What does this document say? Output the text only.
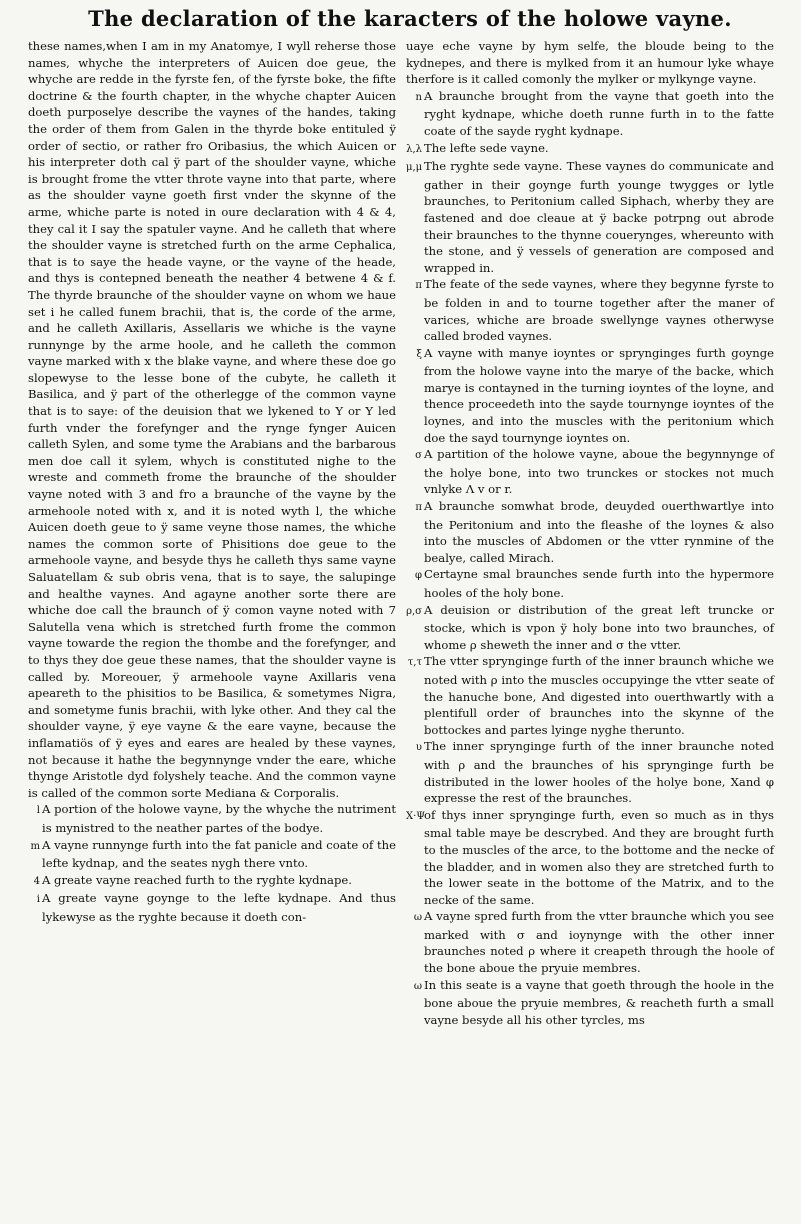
The declaration of the karacters of the holowe vayne.

these names,when I am in my Anatomye, I wyll reherse those names, whyche the interpreters of Auicen doe geue, the whyche are redde in the fyrste fen, of the fyrste boke, the fifte doctrine & the fourth chapter, in the whyche chapter Auicen doeth purposelye describe the vaynes of the handes, taking the order of them from Galen in the thyrde boke entituled ÿ order of sectio, or rather fro Oribasius, the which Auicen or his interpreter doth cal ÿ part of the shoulder vayne, whiche is brought frome the vtter throte vayne into that parte, where as the shoulder vayne goeth first vnder the skynne of the arme, whiche parte is noted in oure declaration with 4 & 4, they cal it I say the spatuler vayne. And he calleth that where the shoulder vayne is stretched furth on the arme Cephalica, that is to saye the heade vayne, or the vayne of the heade, and thys is contepned beneath the neather 4 betwene 4 & f. The thyrde braunche of the shoulder vayne on whom we haue set i he called funem brachii, that is, the corde of the arme, and he calleth Axillaris, Assellaris we whiche is the vayne runnynge by the arme hoole, and he calleth the common vayne marked with x the blake vayne, and where these doe go slopewyse to the lesse bone of the cubyte, he calleth it Basilica, and ÿ part of the otherlegge of the common vayne that is to saye: of the deuision that we lykened to Y or Y led furth vnder the forefynger and the rynge fynger Auicen calleth Sylen, and some tyme the Arabians and the barbarous men doe call it sylem, whych is constituted nighe to the wreste and commeth frome the braunche of the shoulder vayne noted with 3 and fro a braunche of the vayne by the armehoole noted with x, and it is noted wyth l, the whiche Auicen doeth geue to ÿ same veyne those names, the whiche names the common sorte of Phisitions doe geue to the armehoole vayne, and besyde thys he calleth thys same vayne Saluatellam & sub obris vena, that is to saye, the salupinge and healthe vaynes. And agayne another sorte there are whiche doe call the braunch of ÿ comon vayne noted with 7 Salutella vena which is stretched furth frome the common vayne towarde the region the thombe and the forefynger, and to thys they doe geue these names, that the shoulder vayne is called by. Moreouer, ÿ armehoole vayne Axillaris vena apeareth to the phisitios to be Basilica, & sometymes Nigra, and sometyme funis brachii, with lyke other. And they cal the shoulder vayne, ÿ eye vayne & the eare vayne, because the inflamatiös of ÿ eyes and eares are healed by these vaynes, not because it hathe the begynnynge vnder the eare, whiche thynge Aristotle dyd folyshely teache. And the common vayne is called of the common sorte Mediana & Corporalis.

l A portion of the holowe vayne, by the whyche the nutriment is mynistred to the neather partes of the bodye.

m A vayne runnynge furth into the fat panicle and coate of the lefte kydnap, and the seates nygh there vnto.

4 A greate vayne reached furth to the ryghte kydnape.

i A greate vayne goynge to the lefte kydnape. And thus lykewyse as the ryghte because it doeth con-

uaye eche vayne by hym selfe, the bloude being to the kydnepes, and there is mylked from it an humour lyke whaye therfore is it called comonly the mylker or mylkynge vayne.

n A braunche brought from the vayne that goeth into the ryght kydnape, whiche doeth runne furth in to the fatte coate of the sayde ryght kydnape.

λ,λ The lefte sede vayne.

μ,μ The ryghte sede vayne. These vaynes do communicate and gather in their goynge furth younge twygges or lytle braunches, to Peritonium called Siphach, wherby they are fastened and doe cleaue at ÿ backe potrpng out abrode their braunches to the thynne couerynges, whereunto with the stone, and ÿ vessels of generation are composed and wrapped in.

π The feate of the sede vaynes, where they begynne fyrste to be folden in and to tourne together after the maner of varices, whiche are broade swellynge vaynes otherwyse called broded vaynes.

ξ A vayne with manye ioyntes or sprynginges furth goynge from the holowe vayne into the marye of the backe, which marye is contayned in the turning ioyntes of the loyne, and thence proceedeth into the sayde tournynge ioyntes of the loynes, and into the muscles with the peritonium which doe the sayd tournynge ioyntes on.

σ A partition of the holowe vayne, aboue the begynnynge of the holye bone, into two trunckes or stockes not much vnlyke Λ v or r.

π A braunche somwhat brode, deuyded ouerthwartlye into the Peritonium and into the fleashe of the loynes & also into the muscles of Abdomen or the vtter rynmine of the bealye, called Mirach.

φ Certayne smal braunches sende furth into the hypermore hooles of the holy bone.

ρ,σ A deuision or distribution of the great left truncke or stocke, which is vpon ÿ holy bone into two braunches, of whome ρ sheweth the inner and σ the vtter.

τ,τ The vtter sprynginge furth of the inner braunch whiche we noted with ρ into the muscles occupyinge the vtter seate of the hanuche bone, And digested into ouerthwartly with a plentifull order of braunches into the skynne of the bottockes and partes lyinge nyghe therunto.

υ The inner sprynginge furth of the inner braunche noted with ρ and the braunches of his sprynginge furth be distributed in the lower hooles of the holye bone, Xand φ expresse the rest of the braunches.

X·Ψof thys inner sprynginge furth, even so much as in thys smal table maye be descrybed. And they are brought furth to the muscles of the arce, to the bottome and the necke of the bladder, and in women also they are stretched furth to the lower seate in the bottome of the Matrix, and to the necke of the same.

ω A vayne spred furth from the vtter braunche which you see marked with σ and ioynynge with the other inner braunches noted ρ where it creapeth through the hoole of the bone aboue the pryuie membres.

ω In this seate is a vayne that goeth through the hoole in the bone aboue the pryuie membres, & reacheth furth a small vayne besyde all his other tyrcles, ms
